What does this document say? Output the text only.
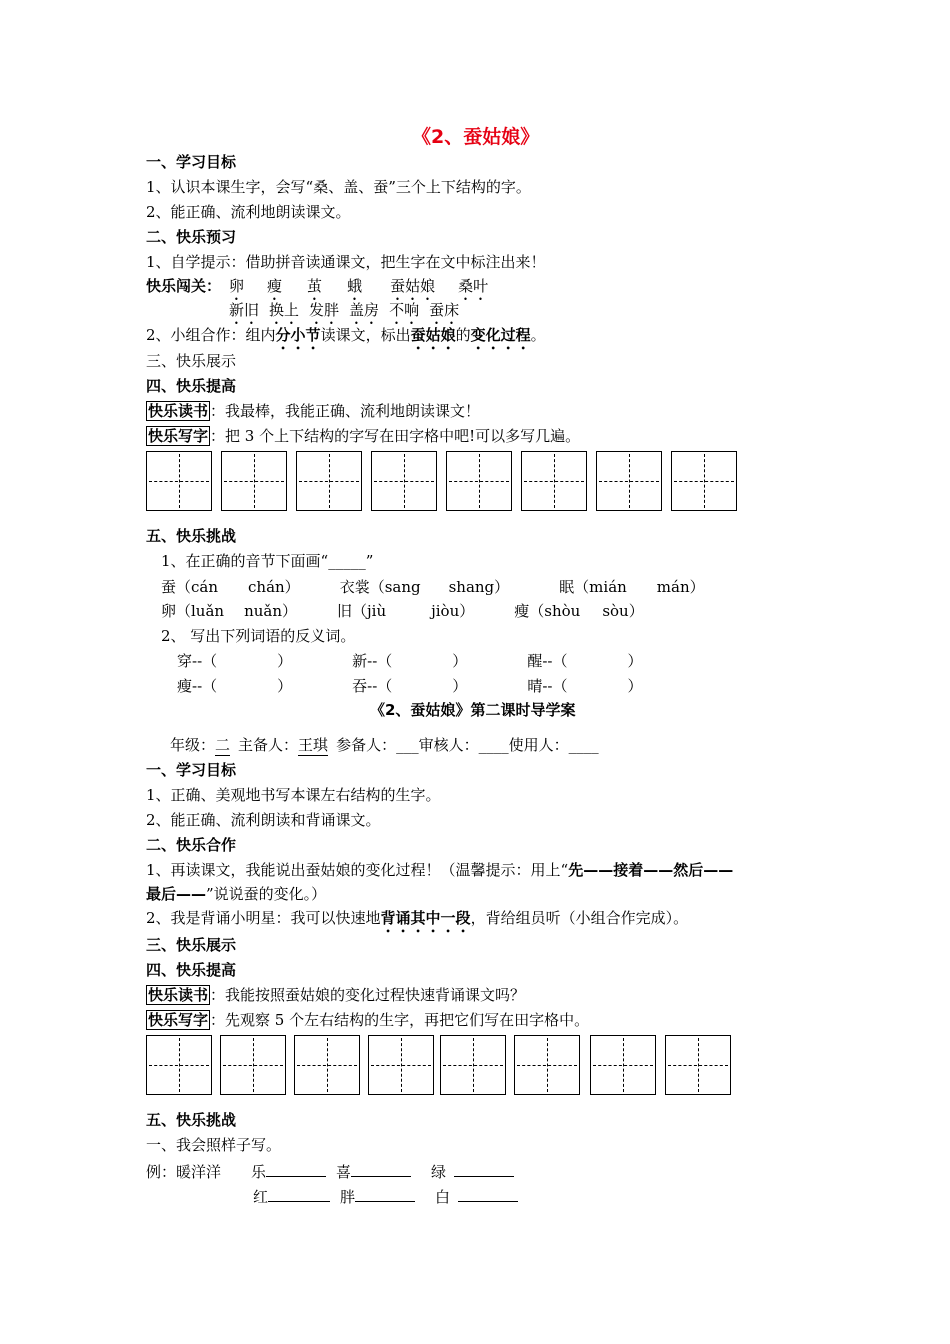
《2、蚕姑娘》
一、学习目标
1、认识本课生字，会写“桑、盖、蚕”三个上下结构的字。
2、能正确、流利地朗读课文。
二、快乐预习
1、自学提示：借助拼音读通课文，把生字在文中标注出来！
快乐闯关： 卵 瘦 茧 蛾 蚕姑娘 桑叶
新旧 换上 发胖 盖房 不响 蚕床
2、小组合作：组内分小节读课文，标出蚕姑娘的变化过程。
三、快乐展示
四、快乐提高
快乐读书 ：我最棒，我能正确、流利地朗读课文！
快乐写字 ：把 3 个上下结构的字写在田字格中吧!可以多写几遍。
五、快乐挑战
1、在正确的音节下面画“_____”
蚕（cán chán）	衣裳（sang shang）	眠（mián mán）
卵（luǎn nuǎn）	旧（jiù	jiòu）	瘦（shòu sòu）
2、 写出下列词语的反义词。
穿--（	）	新--（	）	醒--（	）
瘦--（	）	吞--（	）	晴--（	）
《2、蚕姑娘》第二课时导学案
年级：二 主备人：王琪 参备人：___审核人：____使用人：____
一、学习目标
1、正确、美观地书写本课左右结构的生字。
2、能正确、流利朗读和背诵课文。
二、快乐合作
1、再读课文，我能说出蚕姑娘的变化过程！（温馨提示：用上“先——接着——然后——
最后——”说说蚕的变化。）
2、我是背诵小明星：我可以快速地背诵其中一段，背给组员听（小组合作完成）。
三、快乐展示
四、快乐提高
快乐读书 ：我能按照蚕姑娘的变化过程快速背诵课文吗？
快乐写字 ：先观察 5 个左右结构的生字，再把它们写在田字格中。
五、快乐挑战
一、我会照样子写。
例：暖洋洋 乐	喜	绿
红	胖	白
